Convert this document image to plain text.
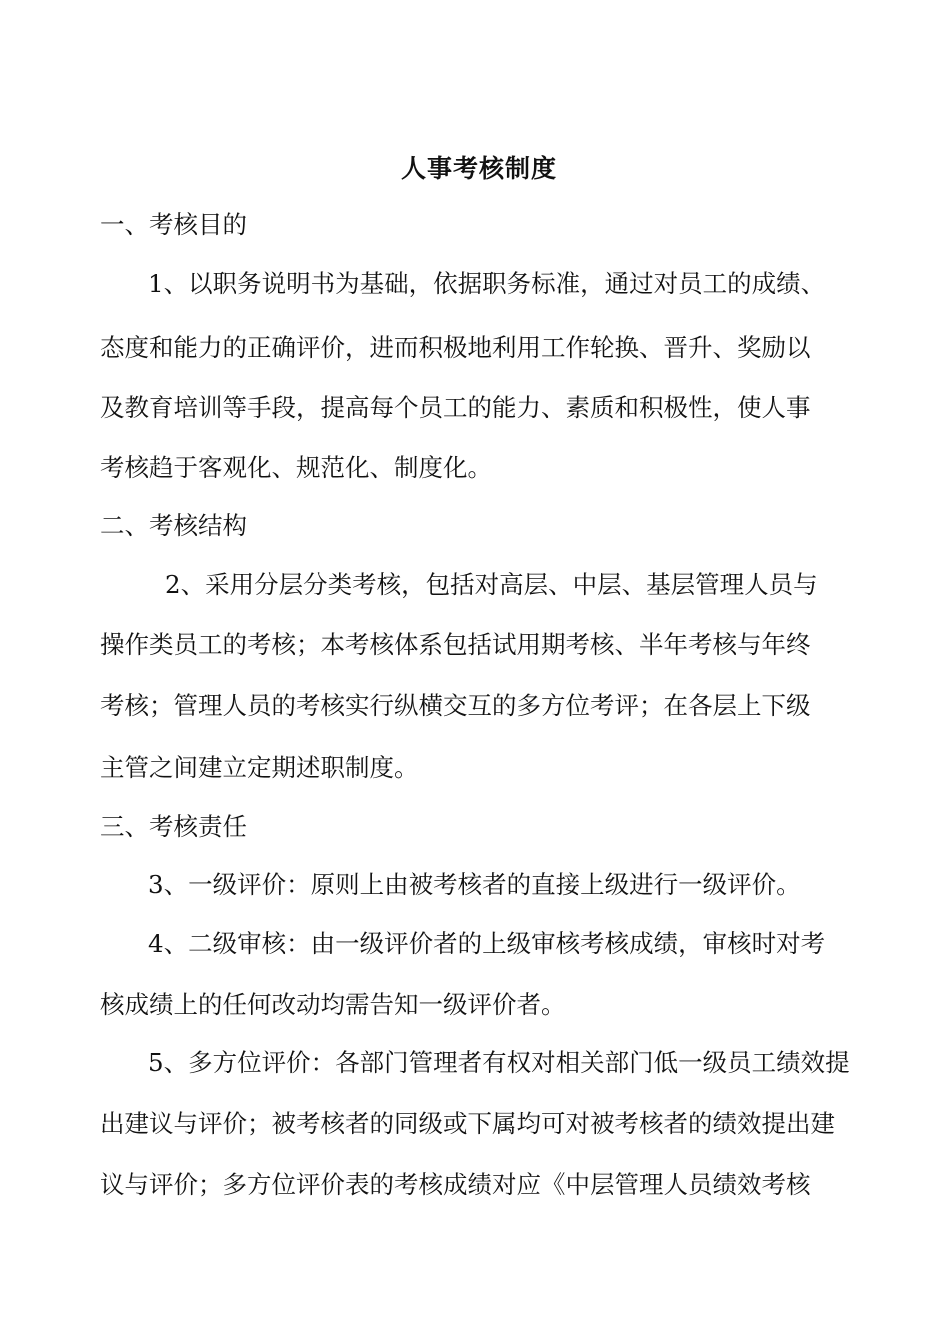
人事考核制度
一、考核目的
1、以职务说明书为基础，依据职务标准，通过对员工的成绩、
态度和能力的正确评价，进而积极地利用工作轮换、晋升、奖励以
及教育培训等手段，提高每个员工的能力、素质和积极性，使人事
考核趋于客观化、规范化、制度化。
二、考核结构
2、采用分层分类考核，包括对高层、中层、基层管理人员与
操作类员工的考核；本考核体系包括试用期考核、半年考核与年终
考核；管理人员的考核实行纵横交互的多方位考评；在各层上下级
主管之间建立定期述职制度。
三、考核责任
3、一级评价：原则上由被考核者的直接上级进行一级评价。
4、二级审核：由一级评价者的上级审核考核成绩，审核时对考
核成绩上的任何改动均需告知一级评价者。
5、多方位评价：各部门管理者有权对相关部门低一级员工绩效提
出建议与评价；被考核者的同级或下属均可对被考核者的绩效提出建
议与评价；多方位评价表的考核成绩对应《中层管理人员绩效考核
